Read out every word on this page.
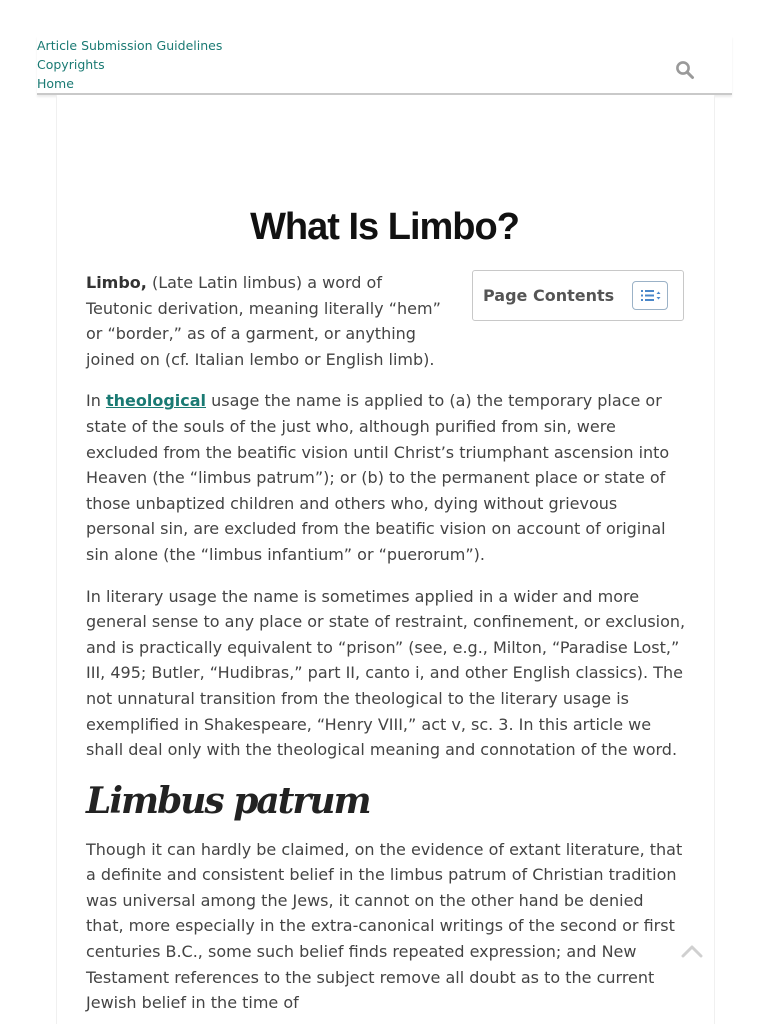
Article Submission Guidelines
Copyrights
Home
What Is Limbo?
Page Contents

Limbo, (Late Latin limbus) a word of Teutonic derivation, meaning literally “hem” or “border,” as of a garment, or anything joined on (cf. Italian lembo or English limb).

In theological usage the name is applied to (a) the temporary place or state of the souls of the just who, although purified from sin, were excluded from the beatific vision until Christ’s triumphant ascension into Heaven (the “limbus patrum”); or (b) to the permanent place or state of those unbaptized children and others who, dying without grievous personal sin, are excluded from the beatific vision on account of original sin alone (the “limbus infantium” or “puerorum”).

In literary usage the name is sometimes applied in a wider and more general sense to any place or state of restraint, confinement, or exclusion, and is practically equivalent to “prison” (see, e.g., Milton, “Paradise Lost,” III, 495; Butler, “Hudibras,” part II, canto i, and other English classics). The not unnatural transition from the theological to the literary usage is exemplified in Shakespeare, “Henry VIII,” act v, sc. 3. In this article we shall deal only with the theological meaning and connotation of the word.

Limbus patrum

Though it can hardly be claimed, on the evidence of extant literature, that a definite and consistent belief in the limbus patrum of Christian tradition was universal among the Jews, it cannot on the other hand be denied that, more especially in the extra-canonical writings of the second or first centuries B.C., some such belief finds repeated expression; and New Testament references to the subject remove all doubt as to the current Jewish belief in the time of
